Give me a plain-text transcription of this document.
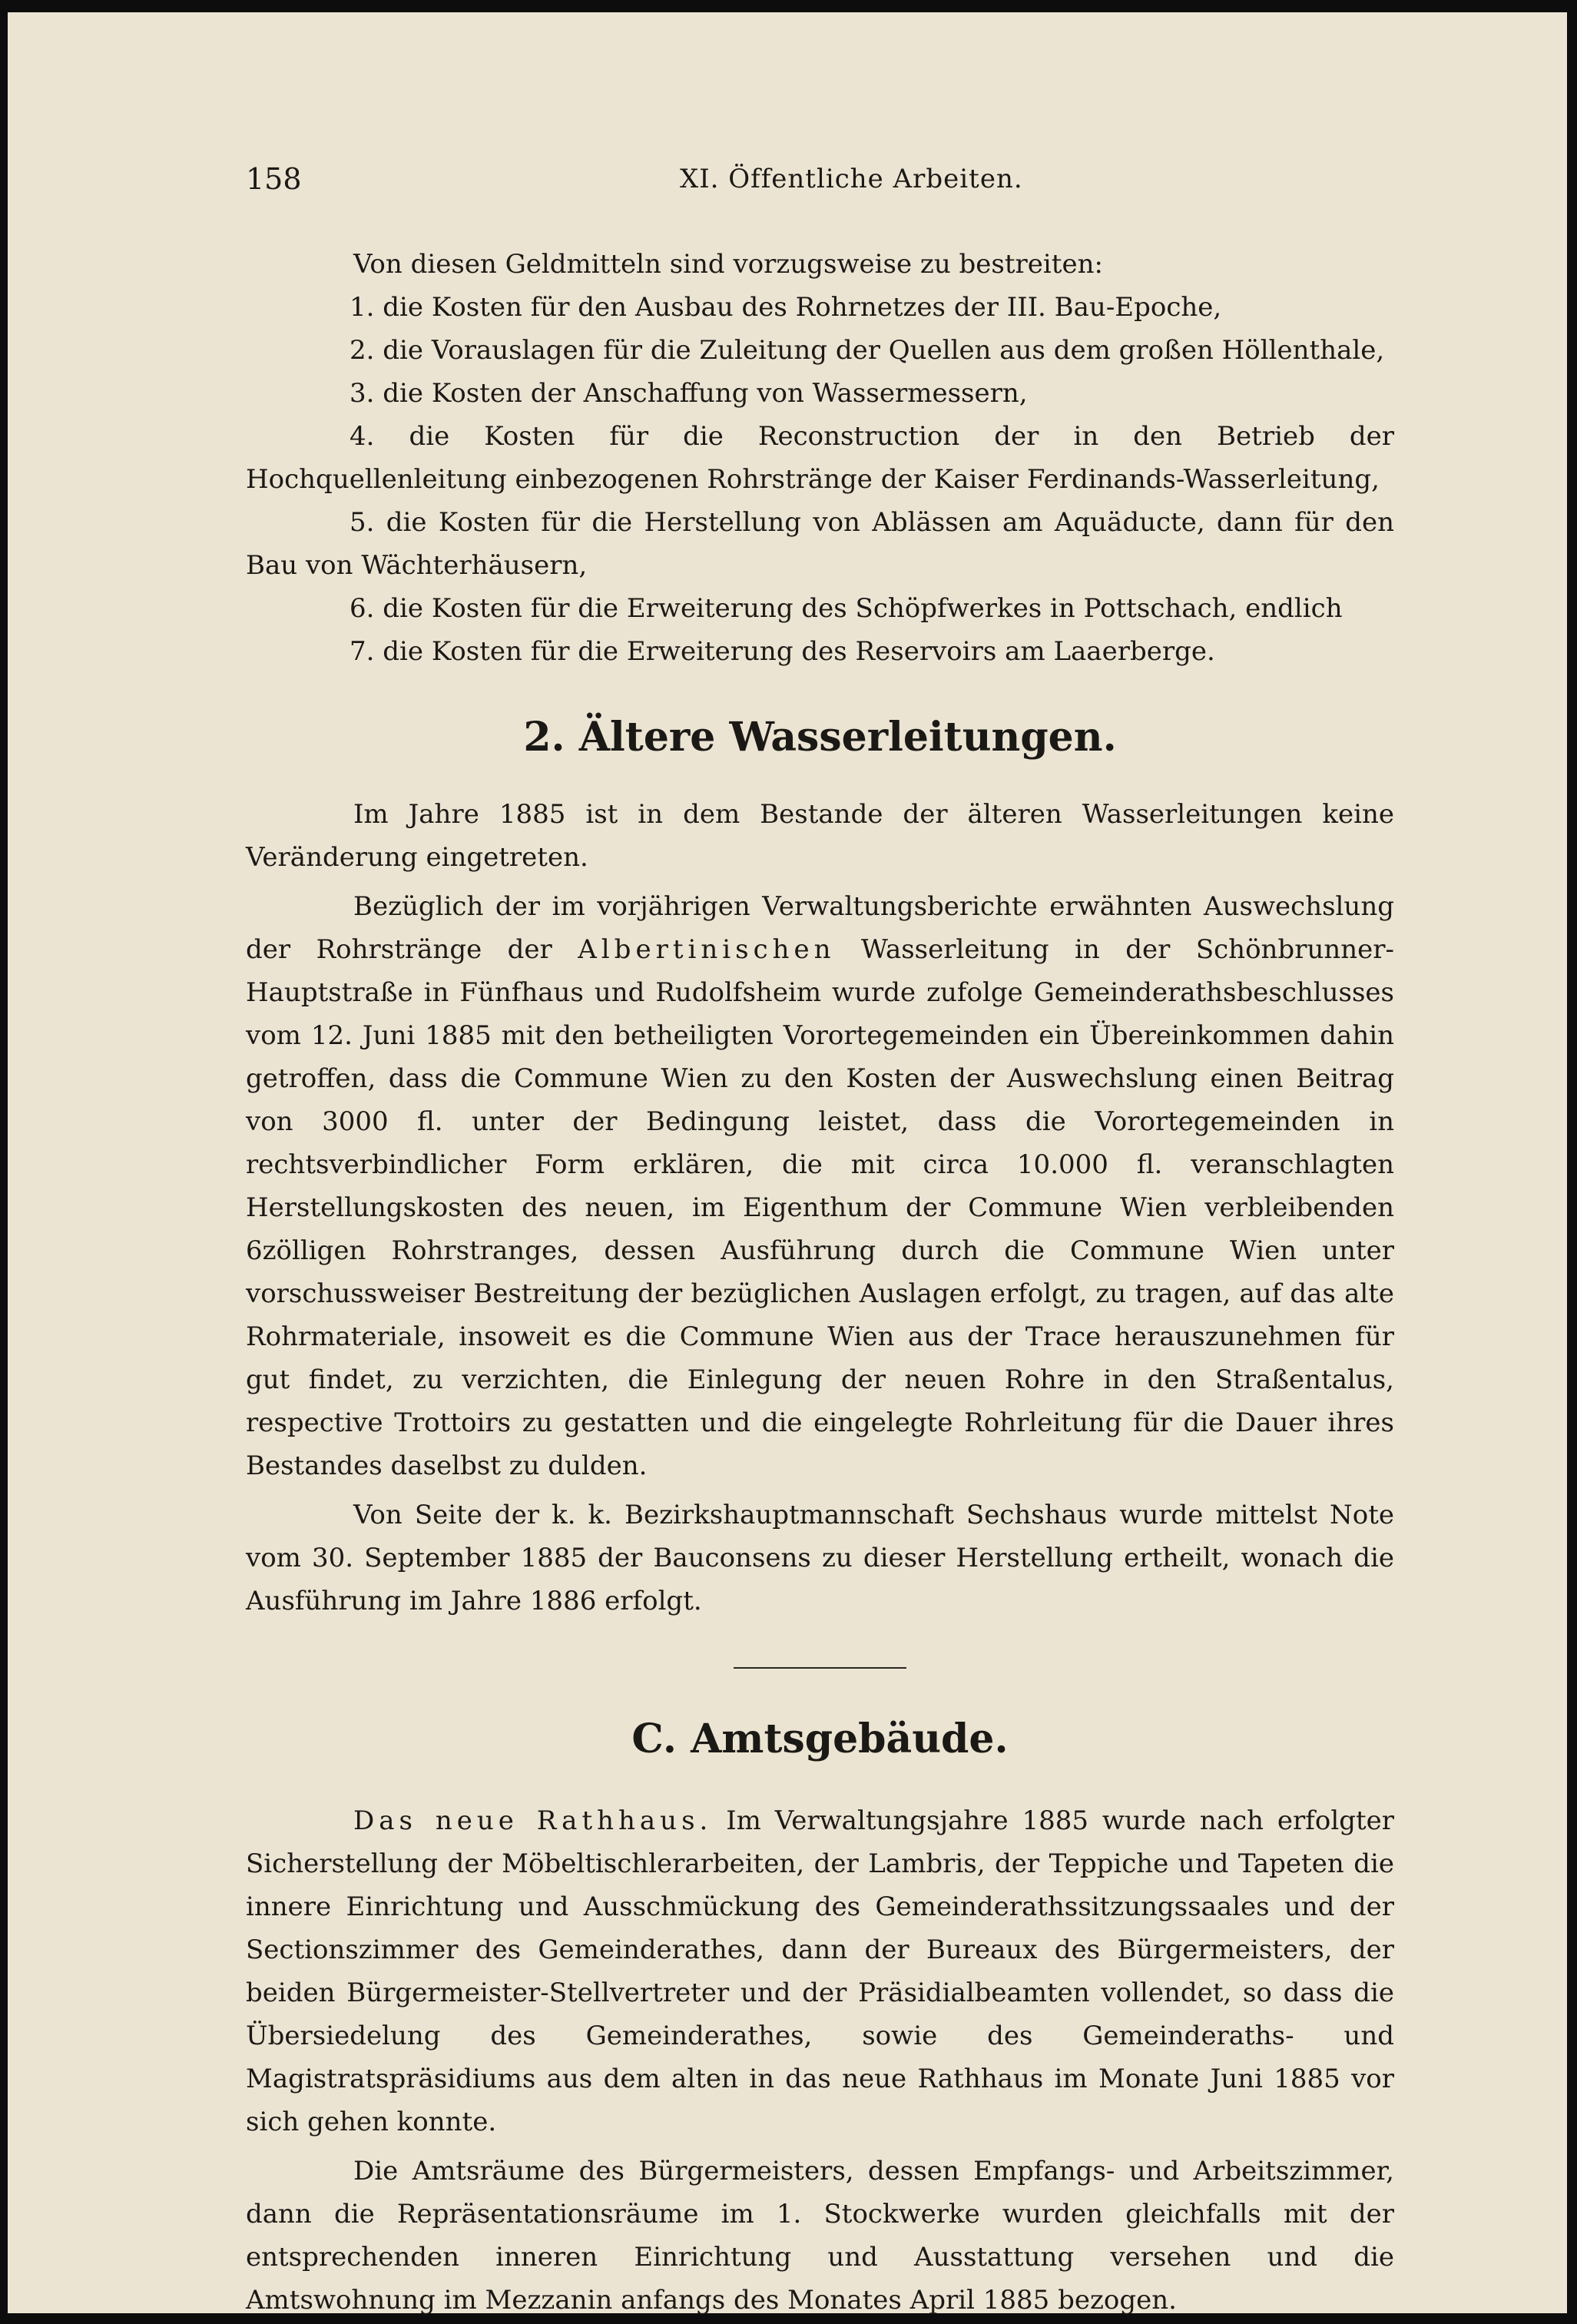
158	XI. Öffentliche Arbeiten.

Von diesen Geldmitteln sind vorzugsweise zu bestreiten:

1. die Kosten für den Ausbau des Rohrnetzes der III. Bau-Epoche,

2. die Vorauslagen für die Zuleitung der Quellen aus dem großen Höllenthale,

3. die Kosten der Anschaffung von Wassermessern,

4. die Kosten für die Reconstruction der in den Betrieb der Hochquellenleitung einbezogenen Rohrstränge der Kaiser Ferdinands-Wasserleitung,

5. die Kosten für die Herstellung von Ablässen am Aquäducte, dann für den Bau von Wächterhäusern,

6. die Kosten für die Erweiterung des Schöpfwerkes in Pottschach, endlich

7. die Kosten für die Erweiterung des Reservoirs am Laaerberge.

2. Ältere Wasserleitungen.

Im Jahre 1885 ist in dem Bestande der älteren Wasserleitungen keine Veränderung eingetreten.

Bezüglich der im vorjährigen Verwaltungsberichte erwähnten Auswechslung der Rohrstränge der Albertinischen Wasserleitung in der Schönbrunner-Hauptstraße in Fünfhaus und Rudolfsheim wurde zufolge Gemeinderathsbeschlusses vom 12. Juni 1885 mit den betheiligten Vorortegemeinden ein Übereinkommen dahin getroffen, dass die Commune Wien zu den Kosten der Auswechslung einen Beitrag von 3000 fl. unter der Bedingung leistet, dass die Vorortegemeinden in rechtsverbindlicher Form erklären, die mit circa 10.000 fl. veranschlagten Herstellungskosten des neuen, im Eigenthum der Commune Wien verbleibenden 6zölligen Rohrstranges, dessen Ausführung durch die Commune Wien unter vorschussweiser Bestreitung der bezüglichen Auslagen erfolgt, zu tragen, auf das alte Rohrmateriale, insoweit es die Commune Wien aus der Trace herauszunehmen für gut findet, zu verzichten, die Einlegung der neuen Rohre in den Straßentalus, respective Trottoirs zu gestatten und die eingelegte Rohrleitung für die Dauer ihres Bestandes daselbst zu dulden.

Von Seite der k. k. Bezirkshauptmannschaft Sechshaus wurde mittelst Note vom 30. September 1885 der Bauconsens zu dieser Herstellung ertheilt, wonach die Ausführung im Jahre 1886 erfolgt.

C. Amtsgebäude.

Das neue Rathhaus. Im Verwaltungsjahre 1885 wurde nach erfolgter Sicherstellung der Möbeltischlerarbeiten, der Lambris, der Teppiche und Tapeten die innere Einrichtung und Ausschmückung des Gemeinderathssitzungssaales und der Sectionszimmer des Gemeinderathes, dann der Bureaux des Bürgermeisters, der beiden Bürgermeister-Stellvertreter und der Präsidialbeamten vollendet, so dass die Übersiedelung des Gemeinderathes, sowie des Gemeinderaths- und Magistratspräsidiums aus dem alten in das neue Rathhaus im Monate Juni 1885 vor sich gehen konnte.

Die Amtsräume des Bürgermeisters, dessen Empfangs- und Arbeitszimmer, dann die Repräsentationsräume im 1. Stockwerke wurden gleichfalls mit der entsprechenden inneren Einrichtung und Ausstattung versehen und die Amtswohnung im Mezzanin anfangs des Monates April 1885 bezogen.
